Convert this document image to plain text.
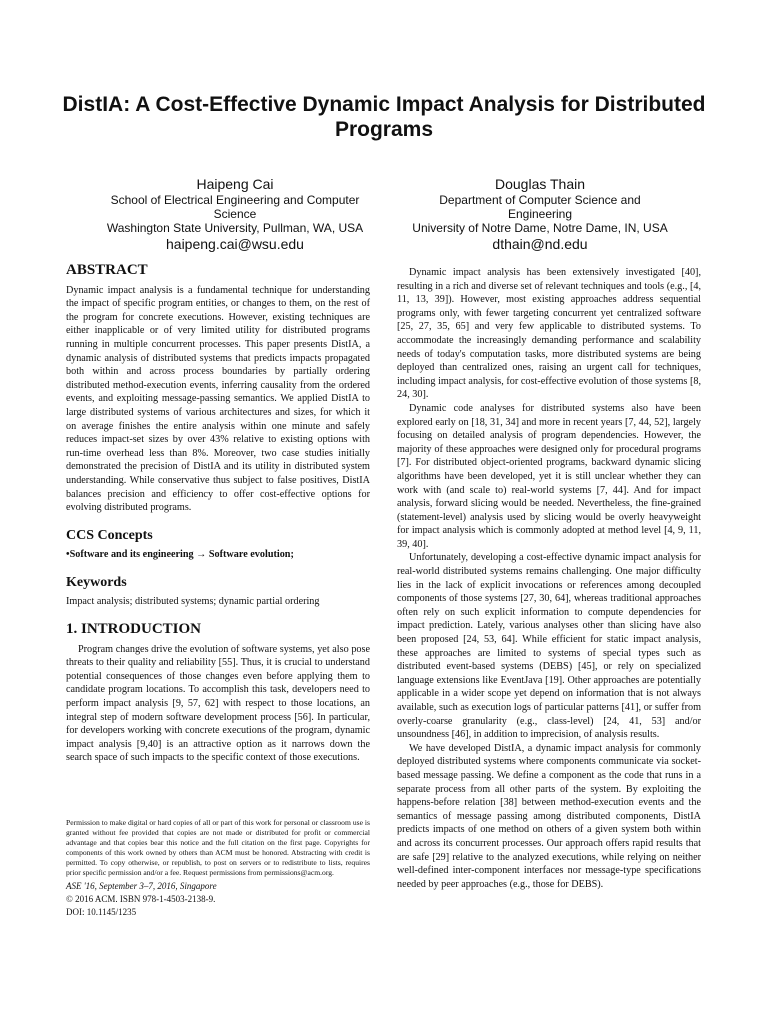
DistIA: A Cost-Effective Dynamic Impact Analysis for Distributed Programs
Haipeng Cai
School of Electrical Engineering and Computer
Science
Washington State University, Pullman, WA, USA
haipeng.cai@wsu.edu
Douglas Thain
Department of Computer Science and
Engineering
University of Notre Dame, Notre Dame, IN, USA
dthain@nd.edu
ABSTRACT

Dynamic impact analysis is a fundamental technique for understanding the impact of specific program entities, or changes to them, on the rest of the program for concrete executions. However, existing techniques are either inapplicable or of very limited utility for distributed programs running in multiple concurrent processes. This paper presents DistIA, a dynamic analysis of distributed systems that predicts impacts propagated both within and across process boundaries by partially ordering distributed method-execution events, inferring causality from the ordered events, and exploiting message-passing semantics. We applied DistIA to large distributed systems of various architectures and sizes, for which it on average finishes the entire analysis within one minute and safely reduces impact-set sizes by over 43% relative to existing options with run-time overhead less than 8%. Moreover, two case studies initially demonstrated the precision of DistIA and its utility in distributed system understanding. While conservative thus subject to false positives, DistIA balances precision and efficiency to offer cost-effective options for evolving distributed programs.

CCS Concepts

•Software and its engineering → Software evolution;

Keywords

Impact analysis; distributed systems; dynamic partial ordering

1. INTRODUCTION

Program changes drive the evolution of software systems, yet also pose threats to their quality and reliability [55]. Thus, it is crucial to understand potential consequences of those changes even before applying them to candidate program locations. To accomplish this task, developers need to perform impact analysis [9, 57, 62] with respect to those locations, an integral step of modern software development process [56]. In particular, for developers working with concrete executions of the program, dynamic impact analysis [9,40] is an attractive option as it narrows down the search space of such impacts to the specific context of those executions.

Permission to make digital or hard copies of all or part of this work for personal or classroom use is granted without fee provided that copies are not made or distributed for profit or commercial advantage and that copies bear this notice and the full citation on the first page. Copyrights for components of this work owned by others than ACM must be honored. Abstracting with credit is permitted. To copy otherwise, or republish, to post on servers or to redistribute to lists, requires prior specific permission and/or a fee. Request permissions from permissions@acm.org.
ASE '16, September 3–7, 2016, Singapore
© 2016 ACM. ISBN 978-1-4503-2138-9.
DOI: 10.1145/1235

Dynamic impact analysis has been extensively investigated [40], resulting in a rich and diverse set of relevant techniques and tools (e.g., [4, 11, 13, 39]). However, most existing approaches address sequential programs only, with fewer targeting concurrent yet centralized software [25, 27, 35, 65] and very few applicable to distributed systems. To accommodate the increasingly demanding performance and scalability needs of today's computation tasks, more distributed systems are being deployed than centralized ones, raising an urgent call for techniques, including impact analysis, for cost-effective evolution of those systems [8, 24, 30].

Dynamic code analyses for distributed systems also have been explored early on [18, 31, 34] and more in recent years [7, 44, 52], largely focusing on detailed analysis of program dependencies. However, the majority of these approaches were designed only for procedural programs [7]. For distributed object-oriented programs, backward dynamic slicing algorithms have been developed, yet it is still unclear whether they can work with (and scale to) real-world systems [7, 44]. And for impact analysis, forward slicing would be needed. Nevertheless, the fine-grained (statement-level) analysis used by slicing would be overly heavyweight for impact analysis which is commonly adopted at method level [4, 9, 11, 39, 40].

Unfortunately, developing a cost-effective dynamic impact analysis for real-world distributed systems remains challenging. One major difficulty lies in the lack of explicit invocations or references among decoupled components of those systems [27, 30, 64], whereas traditional approaches often rely on such explicit information to compute dependencies for impact prediction. Lately, various analyses other than slicing have also been proposed [24, 53, 64]. While efficient for static impact analysis, these approaches are limited to systems of special types such as distributed event-based systems (DEBS) [45], or rely on specialized language extensions like EventJava [19]. Other approaches are potentially applicable in a wider scope yet depend on information that is not always available, such as execution logs of particular patterns [41], or suffer from overly-coarse granularity (e.g., class-level) [24, 41, 53] and/or unsoundness [46], in addition to imprecision, of analysis results.

We have developed DistIA, a dynamic impact analysis for commonly deployed distributed systems where components communicate via socket-based message passing. We define a component as the code that runs in a separate process from all other parts of the system. By exploiting the happens-before relation [38] between method-execution events and the semantics of message passing among distributed components, DistIA predicts impacts of one method on others of a given system both within and across its concurrent processes. Our approach offers rapid results that are safe [29] relative to the analyzed executions, while relying on neither well-defined inter-component interfaces nor message-type specifications needed by peer approaches (e.g., those for DEBS).
